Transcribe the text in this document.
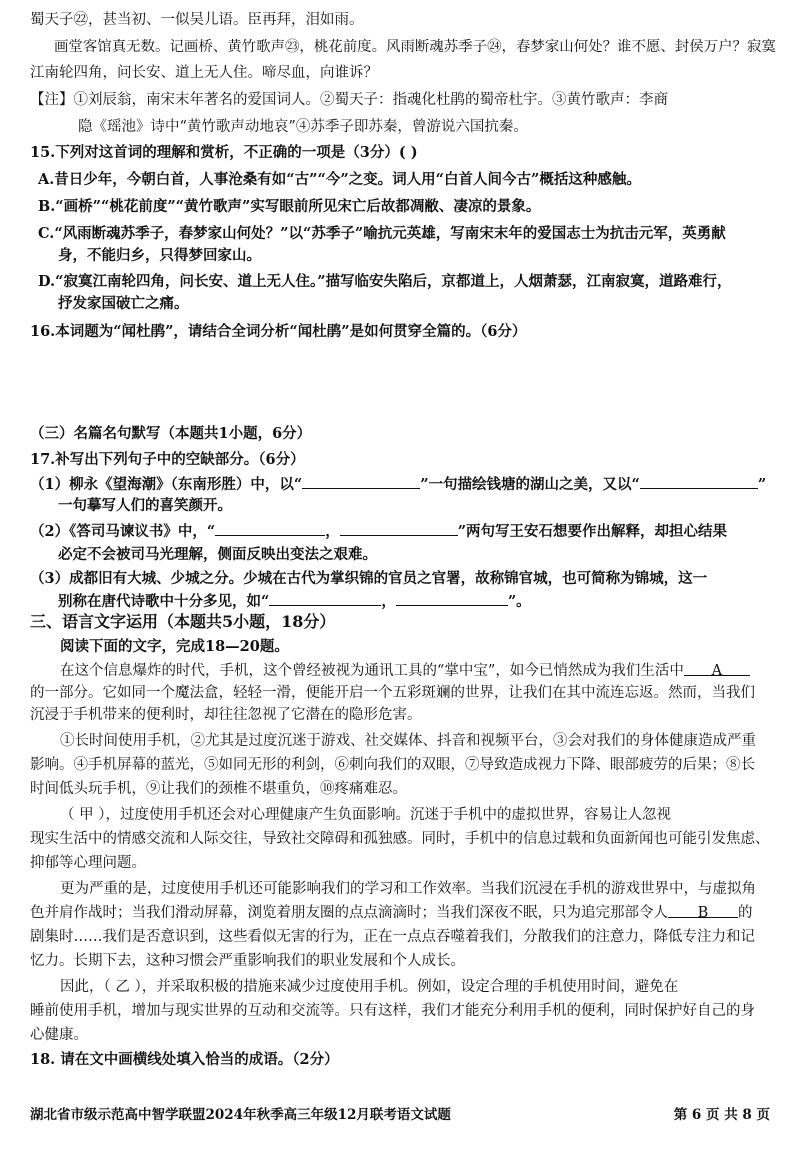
蜀天子㉒，甚当初、一似吴儿语。臣再拜，泪如雨。
画堂客馆真无数。记画桥、黄竹歌声㉓，桃花前度。风雨断魂苏季子㉔，春梦家山何处？谁不愿、封侯万户？寂寞
江南轮四角，问长安、道上无人住。啼尽血，向谁诉？
【注】①刘辰翁，南宋末年著名的爱国词人。②蜀天子：指魂化杜鹃的蜀帝杜宇。③黄竹歌声：李商
隐《瑶池》诗中“黄竹歌声动地哀”④苏季子即苏秦，曾游说六国抗秦。
15.下列对这首词的理解和赏析，不正确的一项是（3分）( )
A.昔日少年，今朝白首，人事沧桑有如“古”“今”之变。词人用“白首人间今古”概括这种感触。
B.“画桥”“桃花前度”“黄竹歌声”实写眼前所见宋亡后故都凋敝、凄凉的景象。
C.“风雨断魂苏季子，春梦家山何处？”以“苏季子”喻抗元英雄，写南宋末年的爱国志士为抗击元军，英勇献
身，不能归乡，只得梦回家山。
D.“寂寞江南轮四角，问长安、道上无人住。”描写临安失陷后，京都道上，人烟萧瑟，江南寂寞，道路难行，
抒发家国破亡之痛。
16.本词题为“闻杜鹃”，请结合全词分析“闻杜鹃”是如何贯穿全篇的。（6分）
（三）名篇名句默写（本题共1小题，6分）
17.补写出下列句子中的空缺部分。（6分）
（1）柳永《望海潮》（东南形胜）中，以“	”一句描绘钱塘的湖山之美，又以“	”
一句摹写人们的喜笑颜开。
（2）《答司马谏议书》中，“	，	”两句写王安石想要作出解释，却担心结果
必定不会被司马光理解，侧面反映出变法之艰难。
（3）成都旧有大城、少城之分。少城在古代为掌织锦的官员之官署，故称锦官城，也可简称为锦城，这一
别称在唐代诗歌中十分多见，如“	，	”。
三、语言文字运用（本题共5小题，18分）
阅读下面的文字，完成18—20题。
在这个信息爆炸的时代，手机，这个曾经被视为通讯工具的“掌中宝”，如今已悄然成为我们生活中 A
的一部分。它如同一个魔法盒，轻轻一滑，便能开启一个五彩斑斓的世界，让我们在其中流连忘返。然而，当我们
沉浸于手机带来的便利时，却往往忽视了它潜在的隐形危害。
①长时间使用手机，②尤其是过度沉迷于游戏、社交媒体、抖音和视频平台，③会对我们的身体健康造成严重
影响。④手机屏幕的蓝光，⑤如同无形的利剑，⑥刺向我们的双眼，⑦导致造成视力下降、眼部疲劳的后果；⑧长
时间低头玩手机，⑨让我们的颈椎不堪重负，⑩疼痛难忍。
（ 甲 ），过度使用手机还会对心理健康产生负面影响。沉迷于手机中的虚拟世界，容易让人忽视
现实生活中的情感交流和人际交往，导致社交障碍和孤独感。同时，手机中的信息过载和负面新闻也可能引发焦虑、
抑郁等心理问题。
更为严重的是，过度使用手机还可能影响我们的学习和工作效率。当我们沉浸在手机的游戏世界中，与虚拟角
色并肩作战时；当我们滑动屏幕，浏览着朋友圈的点点滴滴时；当我们深夜不眠，只为追完那部令人 B 的
剧集时……我们是否意识到，这些看似无害的行为，正在一点点吞噬着我们，分散我们的注意力，降低专注力和记
忆力。长期下去，这种习惯会严重影响我们的职业发展和个人成长。
因此，（ 乙 ），并采取积极的措施来减少过度使用手机。例如，设定合理的手机使用时间，避免在
睡前使用手机，增加与现实世界的互动和交流等。只有这样，我们才能充分利用手机的便利，同时保护好自己的身
心健康。
18. 请在文中画横线处填入恰当的成语。（2分）
湖北省市级示范高中智学联盟2024年秋季高三年级12月联考语文试题	第 6 页 共 8 页
